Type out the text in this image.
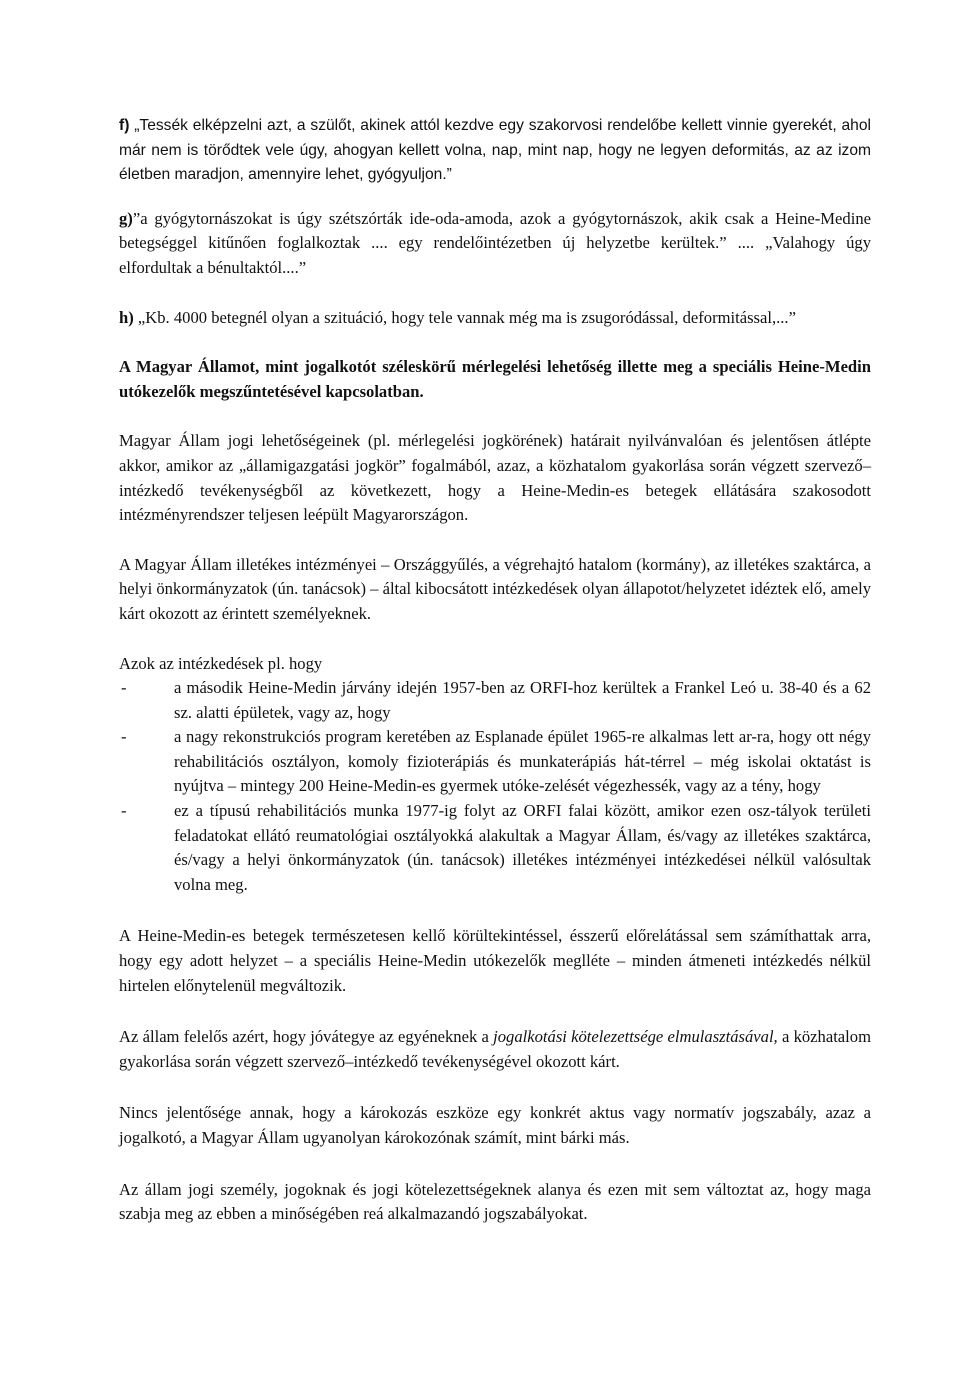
f) „Tessék elképzelni azt, a szülőt, akinek attól kezdve egy szakorvosi rendelőbe kellett vinnie gyerekét, ahol már nem is törődtek vele úgy, ahogyan kellett volna, nap, mint nap, hogy ne legyen deformitás, az az izom életben maradjon, amennyire lehet, gyógyuljon.”

g)”a gyógytornászokat is úgy szétszórták ide-oda-amoda, azok a gyógytornászok, akik csak a Heine-Medine betegséggel kitűnően foglalkoztak .... egy rendelőintézetben új helyzetbe kerültek.” .... „Valahogy úgy elfordultak a bénultaktól....”

h) „Kb. 4000 betegnél olyan a szituáció, hogy tele vannak még ma is zsugoródással, deformitással,...”

A Magyar Államot, mint jogalkotót széleskörű mérlegelési lehetőség illette meg a speciális Heine-Medin utókezelők megszűntetésével kapcsolatban.

Magyar Állam jogi lehetőségeinek (pl. mérlegelési jogkörének) határait nyilvánvalóan és jelentősen átlépte akkor, amikor az „államigazgatási jogkör” fogalmából, azaz, a közhatalom gyakorlása során végzett szervező–intézkedő tevékenységből az következett, hogy a Heine-Medin-es betegek ellátására szakosodott intézményrendszer teljesen leépült Magyarországon.

A Magyar Állam illetékes intézményei – Országgyűlés, a végrehajtó hatalom (kormány), az illetékes szaktárca, a helyi önkormányzatok (ún. tanácsok) – által kibocsátott intézkedések olyan állapotot/helyzetet idéztek elő, amely kárt okozott az érintett személyeknek.

Azok az intézkedések pl. hogy

-	a második Heine-Medin járvány idején 1957-ben az ORFI-hoz kerültek a Frankel Leó u. 38-40 és a 62 sz. alatti épületek, vagy az, hogy
-	a nagy rekonstrukciós program keretében az Esplanade épület 1965-re alkalmas lett ar-ra, hogy ott négy rehabilitációs osztályon, komoly fizioterápiás és munkaterápiás hát-térrel – még iskolai oktatást is nyújtva – mintegy 200 Heine-Medin-es gyermek utóke-zelését végezhessék, vagy az a tény, hogy
-	ez a típusú rehabilitációs munka 1977-ig folyt az ORFI falai között, amikor ezen osz-tályok területi feladatokat ellátó reumatológiai osztályokká alakultak a Magyar Állam, és/vagy az illetékes szaktárca, és/vagy a helyi önkormányzatok (ún. tanácsok) illetékes intézményei intézkedései nélkül valósultak volna meg.

A Heine-Medin-es betegek természetesen kellő körültekintéssel, ésszerű előrelátással sem számíthattak arra, hogy egy adott helyzet – a speciális Heine-Medin utókezelők meglléte – minden átmeneti intézkedés nélkül hirtelen előnytelenül megváltozik.

Az állam felelős azért, hogy jóvátegye az egyéneknek a jogalkotási kötelezettsége elmulasztásával, a közhatalom gyakorlása során végzett szervező–intézkedő tevékenységével okozott kárt.

Nincs jelentősége annak, hogy a károkozás eszköze egy konkrét aktus vagy normatív jogszabály, azaz a jogalkotó, a Magyar Állam ugyanolyan károkozónak számít, mint bárki más.

Az állam jogi személy, jogoknak és jogi kötelezettségeknek alanya és ezen mit sem változtat az, hogy maga szabja meg az ebben a minőségében reá alkalmazandó jogszabályokat.
